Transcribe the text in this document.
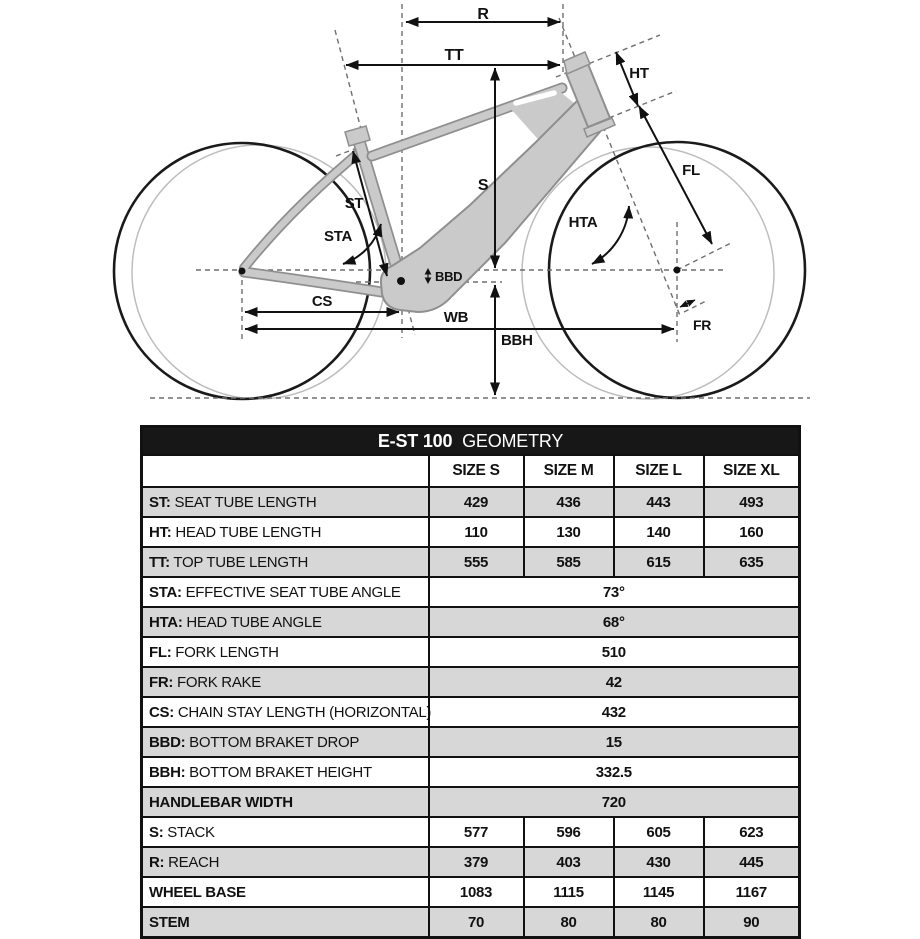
R
TT
HT
S
ST
STA
FL
HTA
BBD
CS
WB
BBH
FR
E-ST 100 GEOMETRY				
	SIZE S	SIZE M	SIZE L	SIZE XL
ST: SEAT TUBE LENGTH	429	436	443	493
HT: HEAD TUBE LENGTH	110	130	140	160
TT: TOP TUBE LENGTH	555	585	615	635
STA: EFFECTIVE SEAT TUBE ANGLE	73°			
HTA: HEAD TUBE ANGLE	68°			
FL: FORK LENGTH	510			
FR: FORK RAKE	42			
CS: CHAIN STAY LENGTH (HORIZONTAL)	432			
BBD: BOTTOM BRAKET DROP	15			
BBH: BOTTOM BRAKET HEIGHT	332.5			
HANDLEBAR WIDTH	720			
S: STACK	577	596	605	623
R: REACH	379	403	430	445
WHEEL BASE	1083	1115	1145	1167
STEM	70	80	80	90
